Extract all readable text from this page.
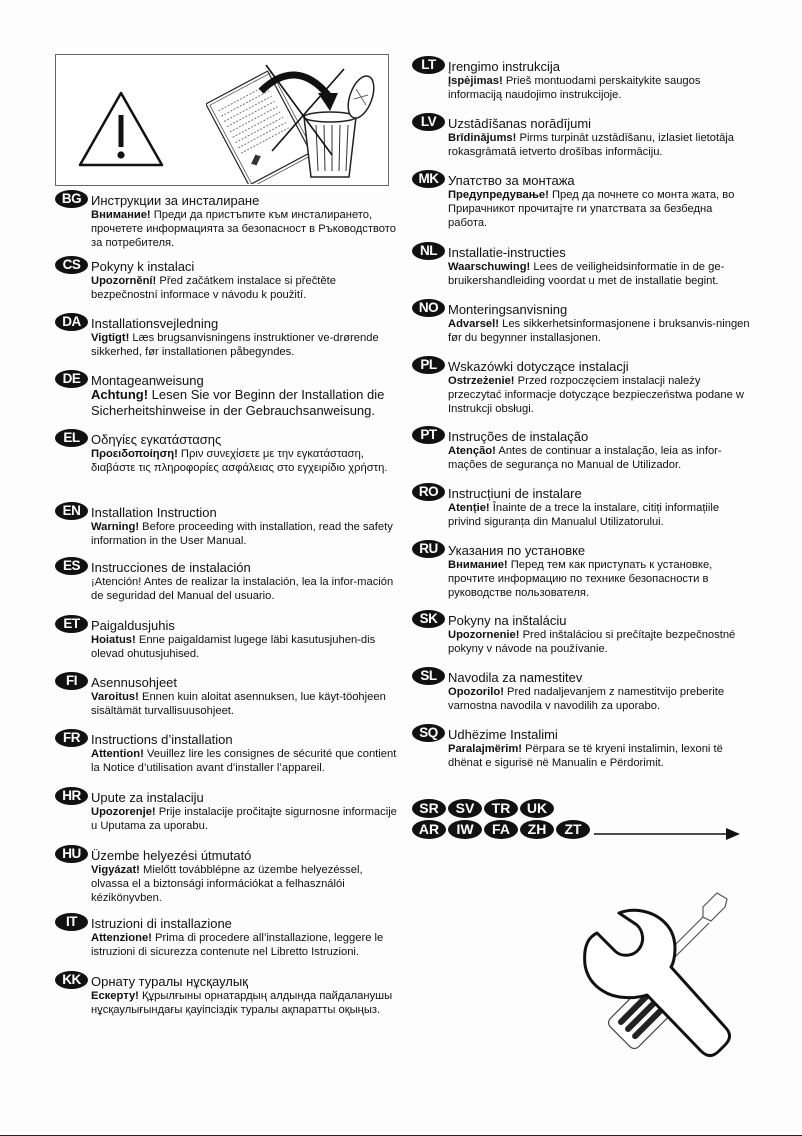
BG Инструкции за инсталиране
Внимание! Преди да пристъпите към инсталирането, прочетете информацията за безопасност в Ръководството за потребителя.
CS Pokyny k instalaci
Upozornění! Před začátkem instalace si přečtěte bezpečnostní informace v návodu k použití.
DA Installationsvejledning
Vigtigt! Læs brugsanvisningens instruktioner ve-drørende sikkerhed, før installationen påbegyndes.
DE Montageanweisung
Achtung! Lesen Sie vor Beginn der Installation die Sicherheitshinweise in der Gebrauchsanweisung.
EL Οδηγίες εγκατάστασης
Προειδοποίηση! Πριν συνεχίσετε με την εγκατάσταση, διαβάστε τις πληροφορίες ασφάλειας στο εγχειρίδιο χρήστη.
EN Installation Instruction
Warning! Before proceeding with installation, read the safety information in the User Manual.
ES Instrucciones de instalación
¡Atención! Antes de realizar la instalación, lea la infor-mación de seguridad del Manual del usuario.
ET Paigaldusjuhis
Hoiatus! Enne paigaldamist lugege läbi kasutusjuhen-dis olevad ohutusjuhised.
FI	Asennusohjeet
Varoitus! Ennen kuin aloitat asennuksen, lue käyt-töohjeen sisältämät turvallisuusohjeet.
FR Instructions d’installation
Attention! Veuillez lire les consignes de sécurité que contient la Notice d’utilisation avant d’installer l’appareil.
HR Upute za instalaciju
Upozorenje! Prije instalacije pročitajte sigurnosne informacije u Uputama za uporabu.
HU Üzembe helyezési útmutató
Vigyázat! Mielőtt továbblépne az üzembe helyezéssel, olvassa el a biztonsági információkat a felhasználói kézikönyvben.
IT	Istruzioni di installazione
Attenzione! Prima di procedere all’installazione, leggere le istruzioni di sicurezza contenute nel Libretto Istruzioni.
KK Орнату туралы нұсқаулық
Ескерту! Құрылғыны орнатардың алдында пайдаланушы нұсқаулығындағы қауіпсіздік туралы ақпаратты оқыңыз.
LT Įrengimo instrukcija
Įspėjimas! Prieš montuodami perskaitykite saugos informaciją naudojimo instrukcijoje.
LV Uzstādīšanas norādījumi
Brīdinājums! Pirms turpināt uzstādīšanu, izlasiet lietotāja rokasgrāmatā ietverto drošības informāciju.
MK Упатство за монтажа
Предупредување! Пред да почнете со монта жата, во Прирачникот прочитајте ги упатствата за безбедна работа.
NL Installatie-instructies
Waarschuwing! Lees de veiligheidsinformatie in de ge-bruikershandleiding voordat u met de installatie begint.
NO Monteringsanvisning
Advarsel! Les sikkerhetsinformasjonene i bruksanvis-ningen før du begynner installasjonen.
PL Wskazówki dotyczące instalacji
Ostrzeżenie! Przed rozpoczęciem instalacji należy przeczytać informacje dotyczące bezpieczeństwa podane w Instrukcji obsługi.
PT Instruções de instalação
Atenção! Antes de continuar a instalação, leia as infor-mações de segurança no Manual de Utilizador.
RO Instrucțiuni de instalare
Atenție! Înainte de a trece la instalare, citiți informațiile privind siguranța din Manualul Utilizatorului.
RU Указания по установке
Внимание! Перед тем как приступать к установке, прочтите информацию по технике безопасности в руководстве пользователя.
SK Pokyny na inštaláciu
Upozornenie! Pred inštaláciou si prečítajte bezpečnostné pokyny v návode na používanie.
SL Navodila za namestitev
Opozorilo! Pred nadaljevanjem z namestitvijo preberite varnostna navodila v navodilih za uporabo.
SQ Udhëzime Instalimi
Paralajmërim! Përpara se të kryeni instalimin, lexoni të dhënat e sigurisë në Manualin e Përdorimit.
SR	SV	TR	UK
AR	IW	FA	ZH	ZT
